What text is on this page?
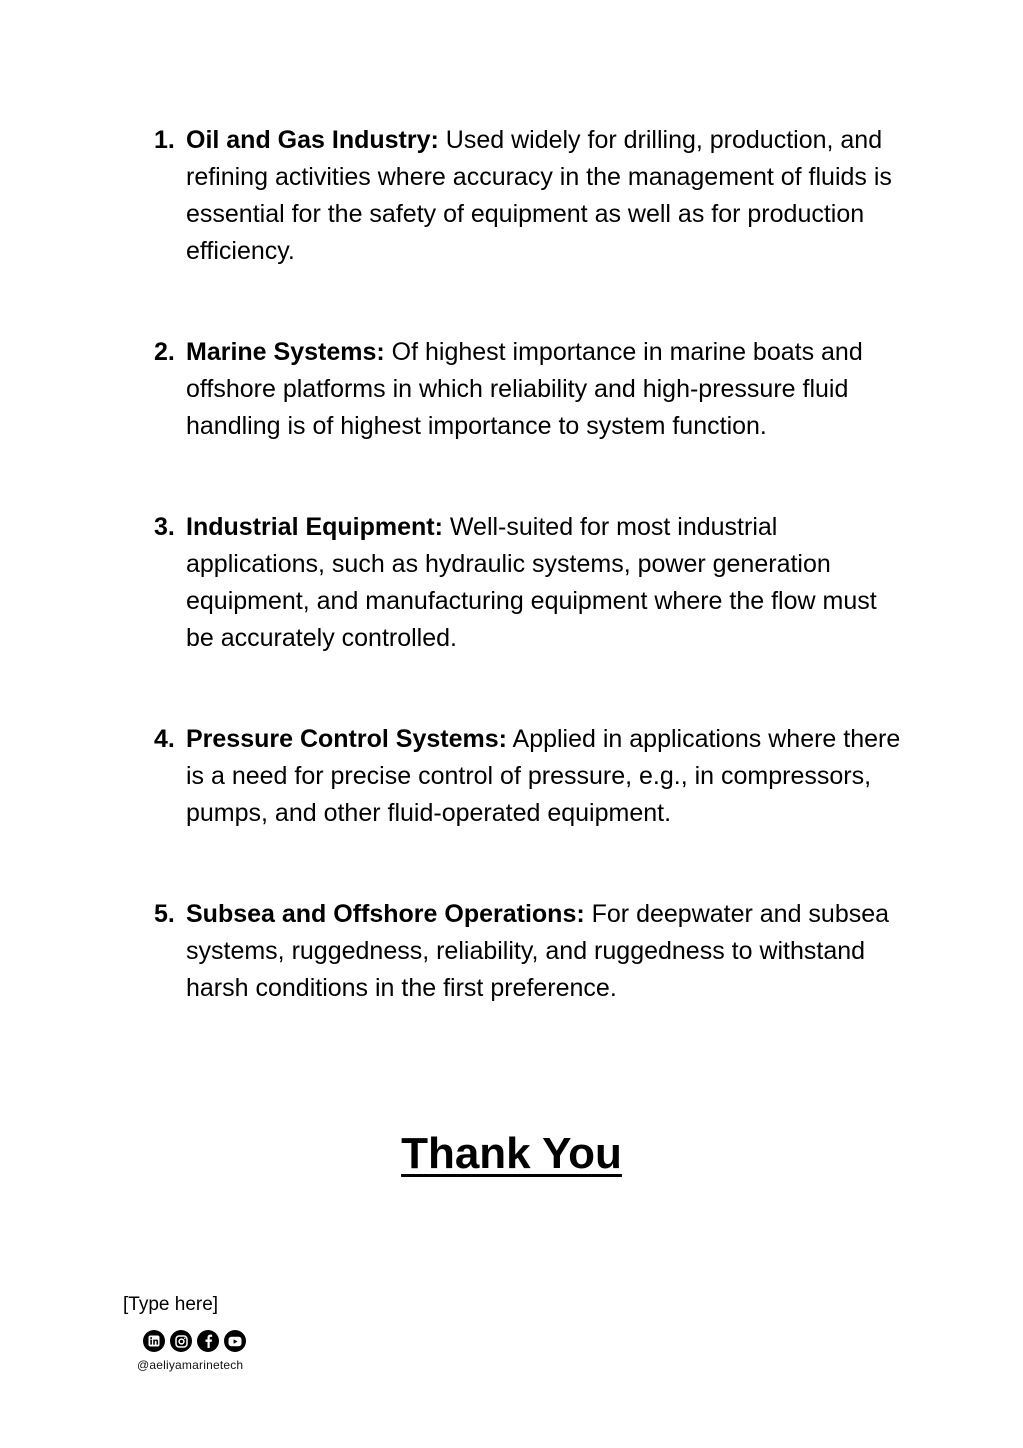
1. Oil and Gas Industry: Used widely for drilling, production, and refining activities where accuracy in the management of fluids is essential for the safety of equipment as well as for production efficiency.
2. Marine Systems: Of highest importance in marine boats and offshore platforms in which reliability and high-pressure fluid handling is of highest importance to system function.
3. Industrial Equipment: Well-suited for most industrial applications, such as hydraulic systems, power generation equipment, and manufacturing equipment where the flow must be accurately controlled.
4. Pressure Control Systems: Applied in applications where there is a need for precise control of pressure, e.g., in compressors, pumps, and other fluid-operated equipment.
5. Subsea and Offshore Operations: For deepwater and subsea systems, ruggedness, reliability, and ruggedness to withstand harsh conditions in the first preference.
Thank You
[Type here]
@aeliyamarinetech
